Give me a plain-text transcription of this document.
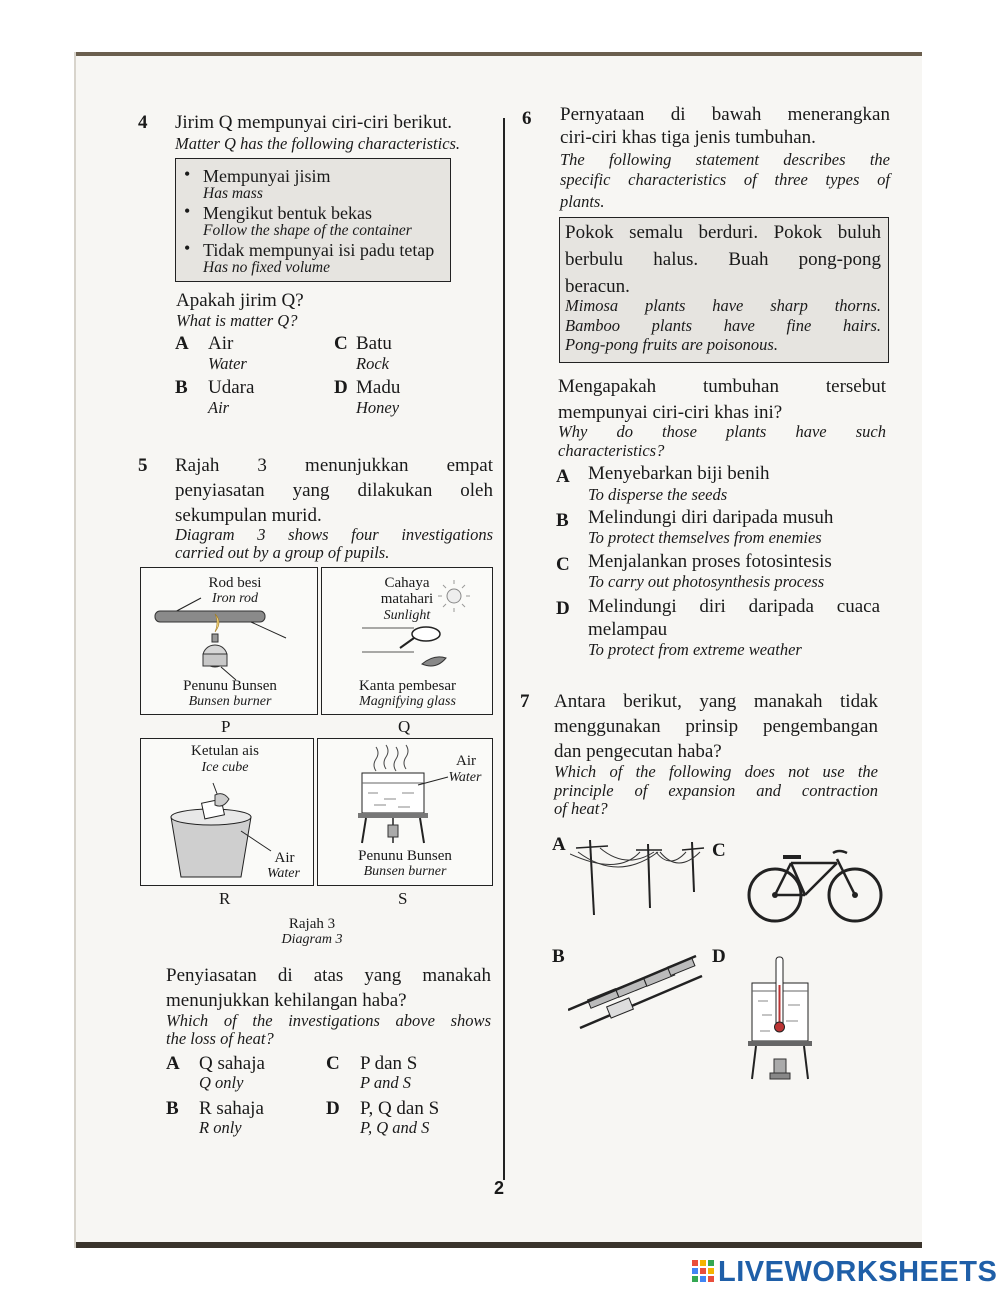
4 Jirim Q mempunyai ciri-ciri berikut.
Matter Q has the following characteristics.
• Mempunyai jisim
Has mass
• Mengikut bentuk bekas
Follow the shape of the container
• Tidak mempunyai isi padu tetap
Has no fixed volume
Apakah jirim Q?
What is matter Q?
A Air
Water
B Udara
Air
C Batu
Rock
D Madu
Honey
5 Rajah 3 menunjukkan empat
penyiasatan yang dilakukan oleh
sekumpulan murid.
Diagram 3 shows four investigations
carried out by a group of pupils.
Rod besi
Iron rod
Penunu Bunsen
Bunsen burner
P
Cahaya
matahari
Sunlight
Kanta pembesar
Magnifying glass
Q
Ketulan ais
Ice cube
Air
Water
R
Air
Water
Penunu Bunsen
Bunsen burner
S
Rajah 3
Diagram 3
Penyiasatan di atas yang manakah
menunjukkan kehilangan haba?
Which of the investigations above shows
the loss of heat?
A Q sahaja
Q only
B R sahaja
R only
C P dan S
P and S
D P, Q dan S
P, Q and S
6 Pernyataan di bawah menerangkan
ciri-ciri khas tiga jenis tumbuhan.
The following statement describes the
specific characteristics of three types of
plants.
Pokok semalu berduri. Pokok buluh
berbulu halus. Buah pong-pong
beracun.
Mimosa plants have sharp thorns.
Bamboo plants have fine hairs.
Pong-pong fruits are poisonous.
Mengapakah tumbuhan tersebut
mempunyai ciri-ciri khas ini?
Why do those plants have such
characteristics?
A Menyebarkan biji benih
To disperse the seeds
B Melindungi diri daripada musuh
To protect themselves from enemies
C Menjalankan proses fotosintesis
To carry out photosynthesis process
D Melindungi diri daripada cuaca
melampau
To protect from extreme weather
7 Antara berikut, yang manakah tidak
menggunakan prinsip pengembangan
dan pengecutan haba?
Which of the following does not use the
principle of expansion and contraction
of heat?
A	C
B	D
2
LIVEWORKSHEETS
